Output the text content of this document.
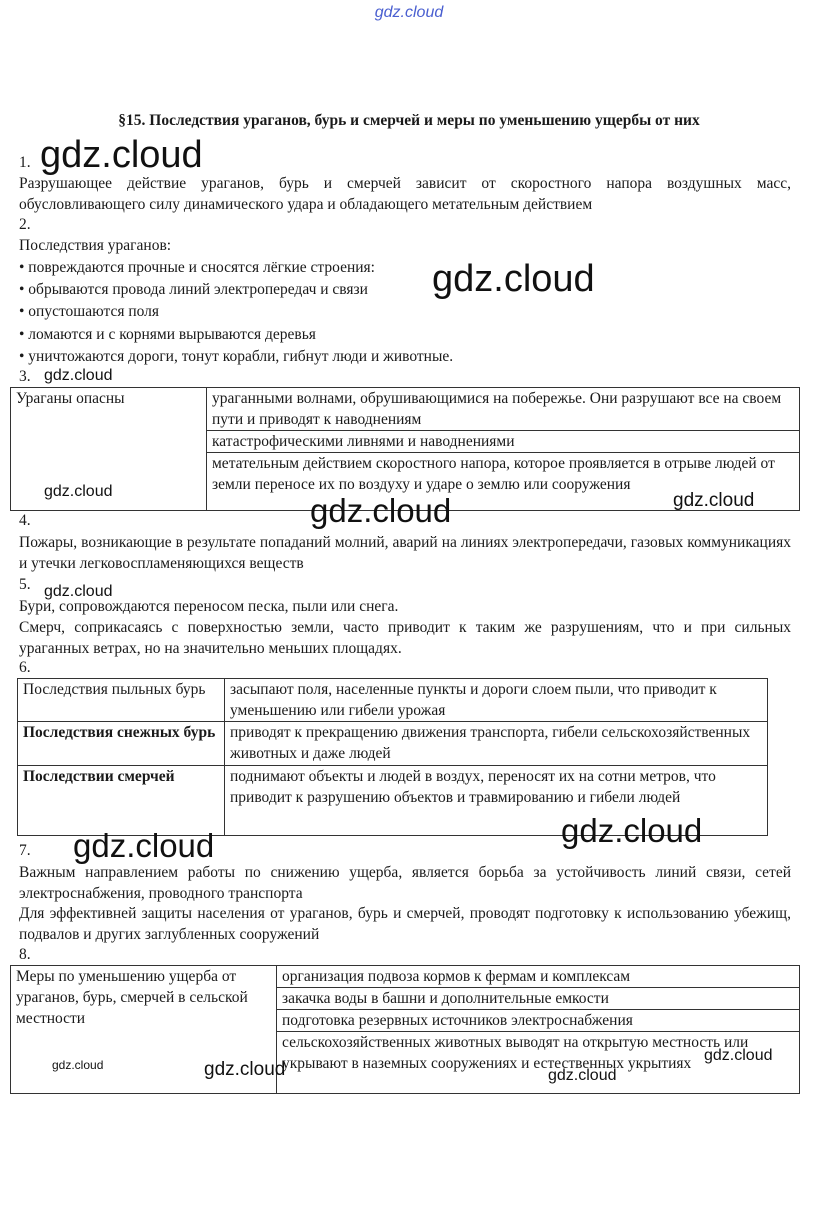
gdz.cloud
§15. Последствия ураганов, бурь и смерчей и меры по уменьшению ущербы от них
1.
Разрушающее действие ураганов, бурь и смерчей зависит от скоростного напора воздушных масс, обусловливающего силу динамического удара и обладающего метательным действием
2.
Последствия ураганов:
• повреждаются прочные и сносятся лёгкие строения:
• обрываются провода линий электропередач и связи
• опустошаются поля
• ломаются и с корнями вырываются деревья
• уничтожаются дороги, тонут корабли, гибнут люди и животные.
3.
Ураганы опасны	ураганными волнами, обрушивающимися на побережье. Они разрушают все на своем пути и приводят к наводнениям
катастрофическими ливнями и наводнениями
метательным действием скоростного напора, которое проявляется в отрыве людей от земли переносе их по воздуху и ударе о землю или сооружения
4.
Пожары, возникающие в результате попаданий молний, аварий на линиях электропередачи, газовых коммуникациях и утечки легковоспламеняющихся веществ
5.
Бури, сопровождаются переносом песка, пыли или снега.
Смерч, соприкасаясь с поверхностью земли, часто приводит к таким же разрушениям, что и при сильных ураганных ветрах, но на значительно меньших площадях.
6.
Последствия пыльных бурь	засыпают поля, населенные пункты и дороги слоем пыли, что приводит к уменьшению или гибели урожая
Последствия снежных бурь	приводят к прекращению движения транспорта, гибели сельскохозяйственных животных и даже людей
Последствии смерчей	поднимают объекты и людей в воздух, переносят их на сотни метров, что приводит к разрушению объектов и травмированию и гибели людей
7.
Важным направлением работы по снижению ущерба, является борьба за устойчивость линий связи, сетей электроснабжения, проводного транспорта
Для эффективней защиты населения от ураганов, бурь и смерчей, проводят подготовку к использованию убежищ, подвалов и других заглубленных сооружений
8.
Меры по уменьшению ущерба от ураганов, бурь, смерчей в сельской местности	организация подвоза кормов к фермам и комплексам
закачка воды в башни и дополнительные емкости
подготовка резервных источников электроснабжения
сельскохозяйственных животных выводят на открытую местность или укрывают в наземных сооружениях и естественных укрытиях
gdz.cloud
gdz.cloud
gdz.cloud
gdz.cloud
gdz.cloud	gdz.cloud
gdz.cloud
gdz.cloud
gdz.cloud
gdz.cloud
gdz.cloud	gdz.cloud	gdz.cloud
